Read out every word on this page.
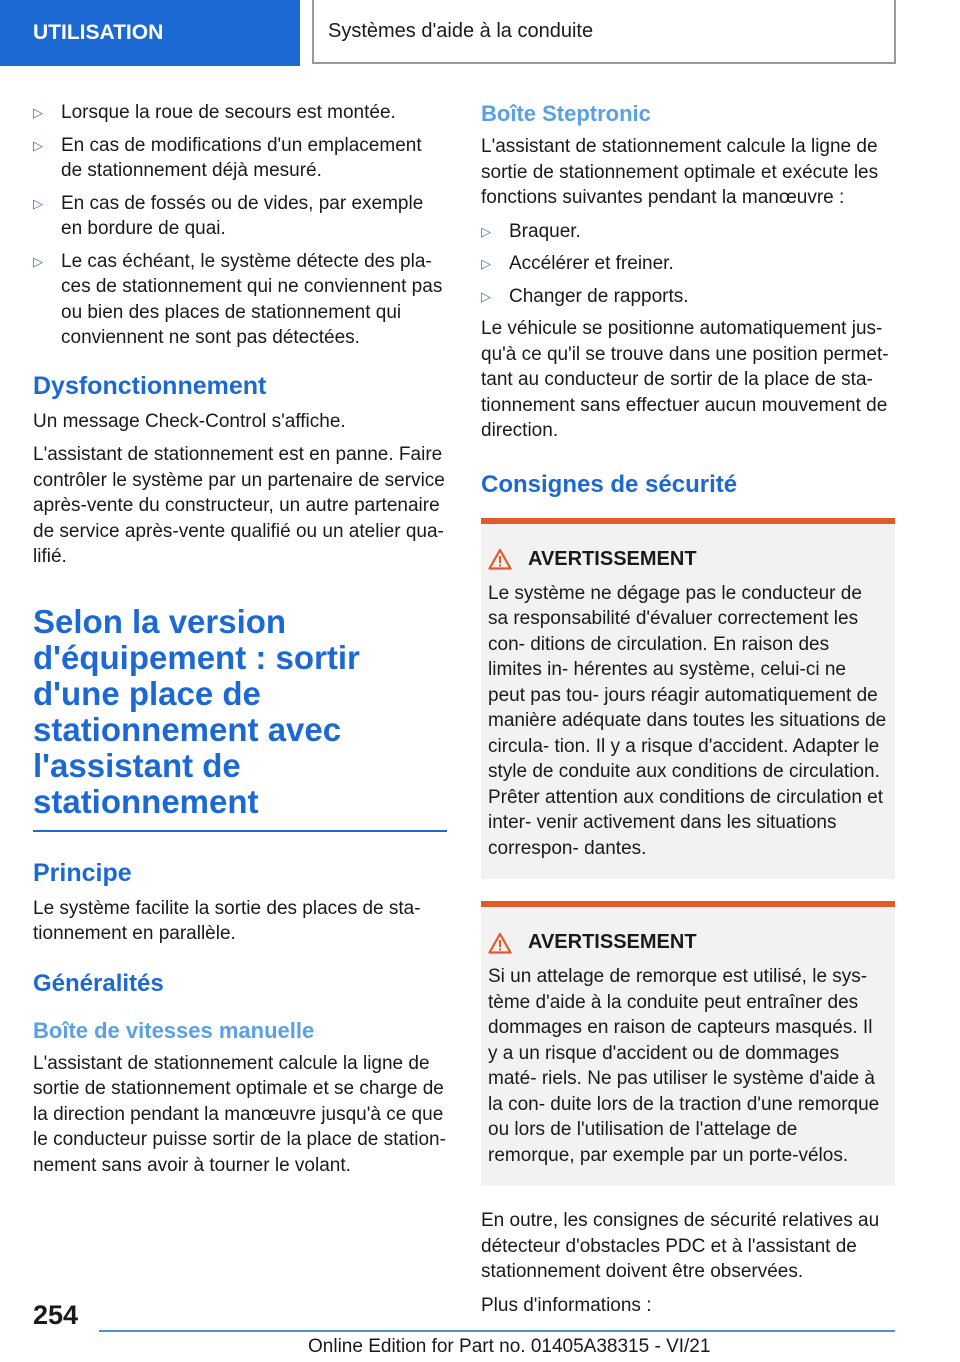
UTILISATION	Systèmes d'aide à la conduite
▷ Lorsque la roue de secours est montée.
▷ En cas de modifications d'un emplacement de stationnement déjà mesuré.
▷ En cas de fossés ou de vides, par exemple en bordure de quai.
▷ Le cas échéant, le système détecte des pla‐ ces de stationnement qui ne conviennent pas ou bien des places de stationnement qui conviennent ne sont pas détectées.
Dysfonctionnement

Un message Check-Control s'affiche.

L'assistant de stationnement est en panne. Faire contrôler le système par un partenaire de service après-vente du constructeur, un autre partenaire de service après-vente qualifié ou un atelier qua‐ lifié.

Selon la version d'équipement : sortir d'une place de stationnement avec l'assistant de stationnement
Principe

Le système facilite la sortie des places de sta‐ tionnement en parallèle.

Généralités
Boîte de vitesses manuelle

L'assistant de stationnement calcule la ligne de sortie de stationnement optimale et se charge de la direction pendant la manœuvre jusqu'à ce que le conducteur puisse sortir de la place de station‐ nement sans avoir à tourner le volant.

Boîte Steptronic

L'assistant de stationnement calcule la ligne de sortie de stationnement optimale et exécute les fonctions suivantes pendant la manœuvre :

▷ Braquer.
▷ Accélérer et freiner.
▷ Changer de rapports.

Le véhicule se positionne automatiquement jus‐ qu'à ce qu'il se trouve dans une position permet‐ tant au conducteur de sortir de la place de sta‐ tionnement sans effectuer aucun mouvement de direction.

Consignes de sécurité
AVERTISSEMENT

Le système ne dégage pas le conducteur de sa responsabilité d'évaluer correctement les con‐ ditions de circulation. En raison des limites in‐ hérentes au système, celui-ci ne peut pas tou‐ jours réagir automatiquement de manière adéquate dans toutes les situations de circula‐ tion. Il y a risque d'accident. Adapter le style de conduite aux conditions de circulation. Prêter attention aux conditions de circulation et inter‐ venir activement dans les situations correspon‐ dantes.

AVERTISSEMENT

Si un attelage de remorque est utilisé, le sys‐ tème d'aide à la conduite peut entraîner des dommages en raison de capteurs masqués. Il y a un risque d'accident ou de dommages maté‐ riels. Ne pas utiliser le système d'aide à la con‐ duite lors de la traction d'une remorque ou lors de l'utilisation de l'attelage de remorque, par exemple par un porte-vélos.

En outre, les consignes de sécurité relatives au détecteur d'obstacles PDC et à l'assistant de stationnement doivent être observées.

Plus d'informations :

254
Online Edition for Part no. 01405A38315 - VI/21
